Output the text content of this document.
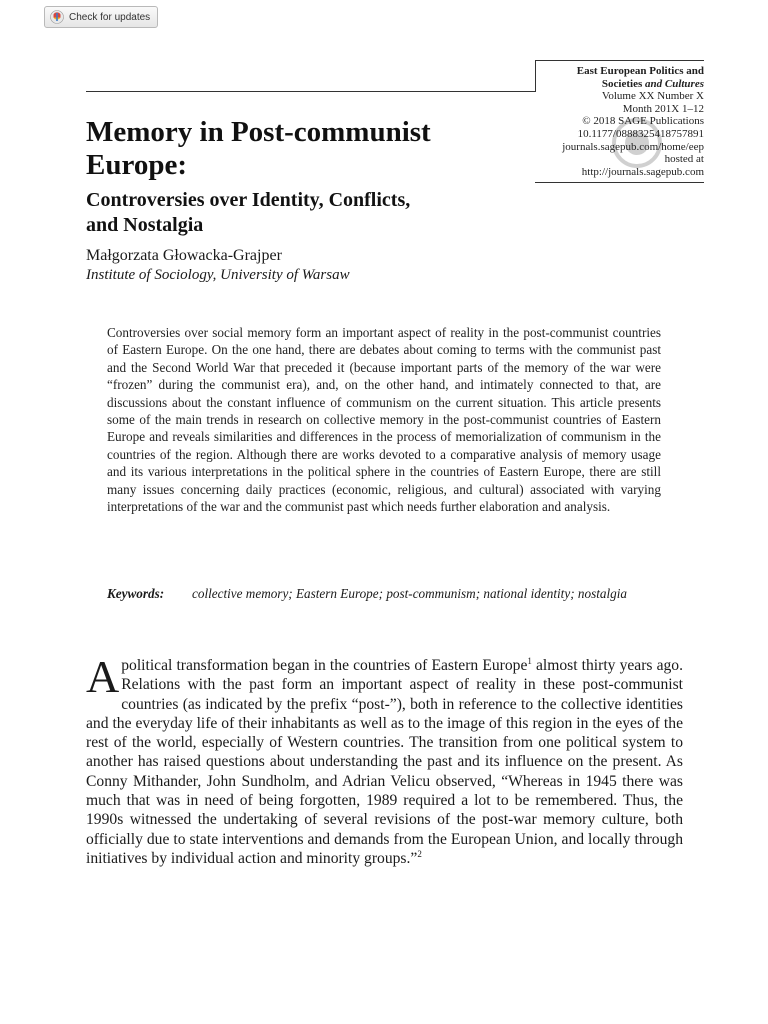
Check for updates
East European Politics and
Societies and Cultures
Volume XX Number X
Month 201X 1–12
© 2018 SAGE Publications
10.1177/0888325418757891
journals.sagepub.com/home/eep
hosted at
http://journals.sagepub.com
Memory in Post-communist
Europe:
Controversies over Identity, Conflicts,
and Nostalgia
Małgorzata Głowacka-Grajper
Institute of Sociology, University of Warsaw

Controversies over social memory form an important aspect of reality in the post-communist countries of Eastern Europe. On the one hand, there are debates about coming to terms with the communist past and the Second World War that preceded it (because important parts of the memory of the war were “frozen” during the communist era), and, on the other hand, and intimately connected to that, are discussions about the constant influence of communism on the current situation. This article presents some of the main trends in research on collective memory in the post-communist countries of Eastern Europe and reveals similarities and differences in the process of memorialization of communism in the countries of the region. Although there are works devoted to a comparative analysis of memory usage and its various interpretations in the political sphere in the countries of Eastern Europe, there are still many issues concerning daily practices (economic, religious, and cultural) associated with varying interpretations of the war and the communist past which needs further elaboration and analysis.

Keywords:	collective memory; Eastern Europe; post-communism; national identity; nostalgia

A political transformation began in the countries of Eastern Europe$^1$ almost thirty years ago. Relations with the past form an important aspect of reality in these post-communist countries (as indicated by the prefix “post-”), both in reference to the collective identities and the everyday life of their inhabitants as well as to the image of this region in the eyes of the rest of the world, especially of Western countries. The transition from one political system to another has raised questions about understanding the past and its influence on the present. As Conny Mithander, John Sundholm, and Adrian Velicu observed, “Whereas in 1945 there was much that was in need of being forgotten, 1989 required a lot to be remembered. Thus, the 1990s witnessed the undertaking of several revisions of the post-war memory culture, both officially due to state interventions and demands from the European Union, and locally through initiatives by individual action and minority groups.”$^2$
